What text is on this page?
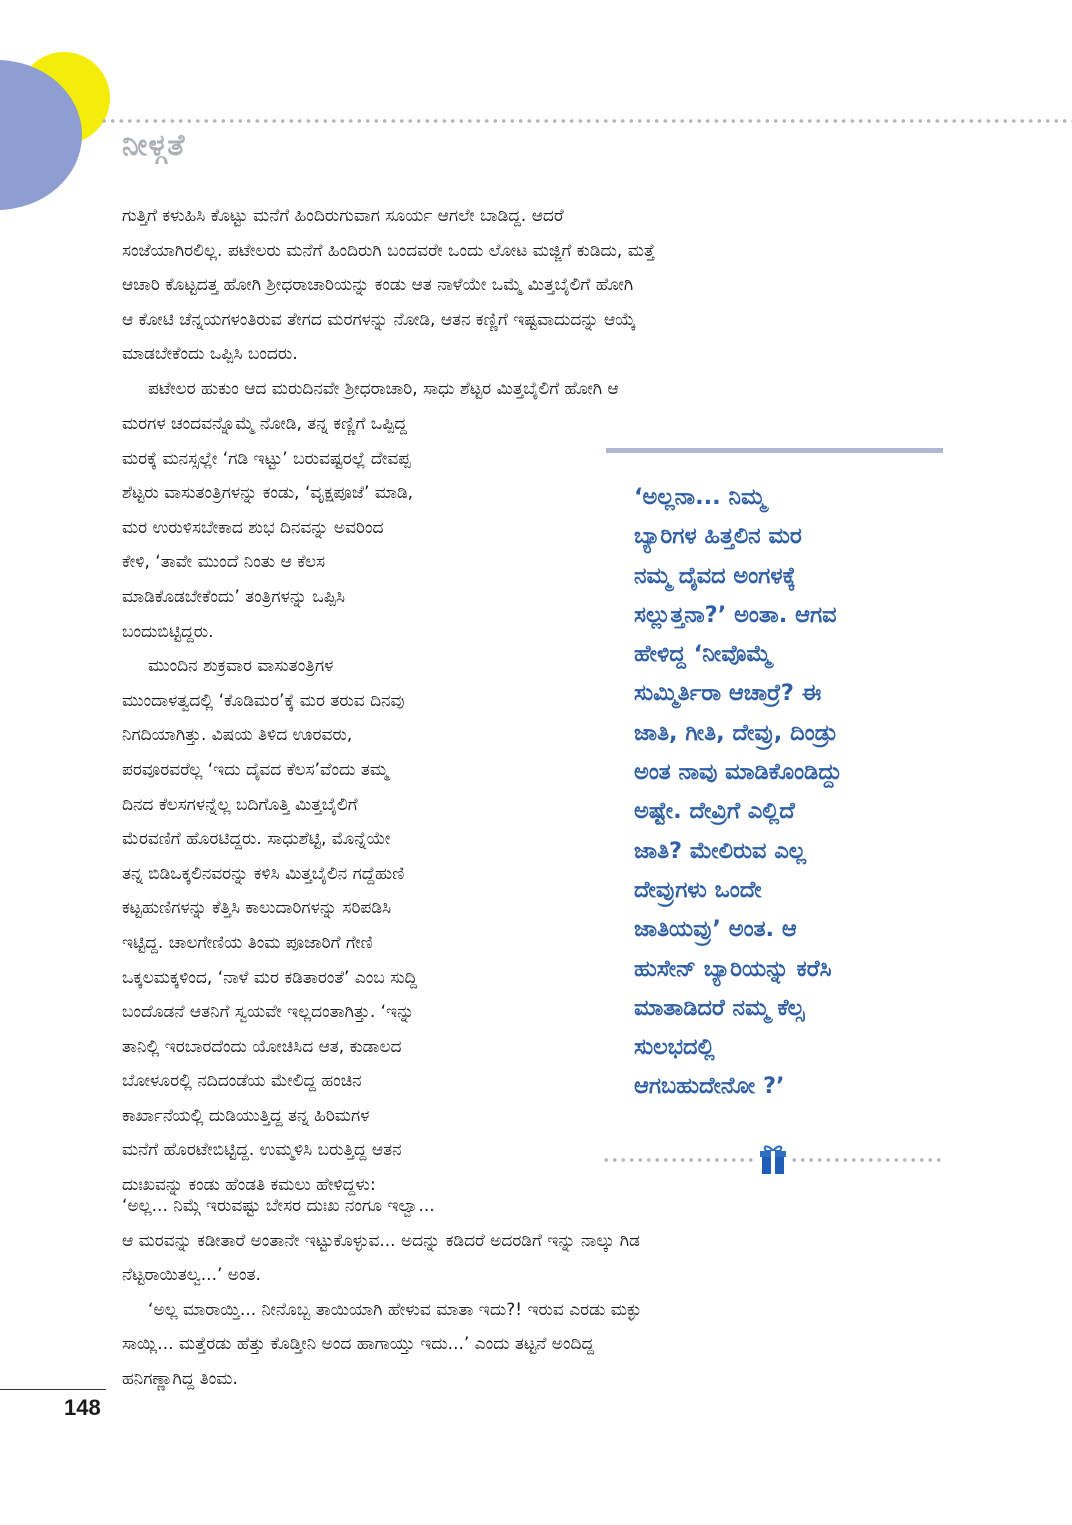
ನೀಳ್ಗತೆ
ಗುತ್ತಿಗೆ ಕಳುಹಿಸಿ ಕೊಟ್ಟು ಮನೆಗೆ ಹಿಂದಿರುಗುವಾಗ ಸೂರ್ಯ ಆಗಲೇ ಬಾಡಿದ್ದ. ಆದರೆ
ಸಂಜೆಯಾಗಿರಲಿಲ್ಲ. ಪಟೇಲರು ಮನೆಗೆ ಹಿಂದಿರುಗಿ ಬಂದವರೇ ಒಂದು ಲೋಟ ಮಜ್ಜಿಗೆ ಕುಡಿದು, ಮತ್ತೆ
ಆಚಾರಿ ಕೊಟ್ಟದತ್ತ ಹೋಗಿ ಶ್ರೀಧರಾಚಾರಿಯನ್ನು ಕಂಡು ಆತ ನಾಳೆಯೇ ಒಮ್ಮೆ ಮಿತ್ತಬೈಲಿಗೆ ಹೋಗಿ
ಆ ಕೋಟಿ ಚೆನ್ನಯಗಳಂತಿರುವ ತೇಗದ ಮರಗಳನ್ನು ನೋಡಿ, ಆತನ ಕಣ್ಣಿಗೆ ಇಷ್ಟವಾದುದನ್ನು ಆಯ್ಕೆ
ಮಾಡಬೇಕೆಂದು ಒಪ್ಪಿಸಿ ಬಂದರು.
ಪಟೇಲರ ಹುಕುಂ ಆದ ಮರುದಿನವೇ ಶ್ರೀಧರಾಚಾರಿ, ಸಾಧು ಶೆಟ್ಟರ ಮಿತ್ತಬೈಲಿಗೆ ಹೋಗಿ ಆ
ಮರಗಳ ಚಂದವನ್ನೊಮ್ಮೆ ನೋಡಿ, ತನ್ನ ಕಣ್ಣಿಗೆ ಒಪ್ಪಿದ್ದ
ಮರಕ್ಕೆ ಮನಸ್ಸಲ್ಲೇ ‘ಗಡಿ ಇಟ್ಟು’ ಬರುವಷ್ಟರಲ್ಲೆ ದೇವಪ್ಪ
ಶೆಟ್ಟರು ವಾಸುತಂತ್ರಿಗಳನ್ನು ಕಂಡು, ‘ವೃಕ್ಷಪೂಜೆ’ ಮಾಡಿ,
ಮರ ಉರುಳಿಸಬೇಕಾದ ಶುಭ ದಿನವನ್ನು ಅವರಿಂದ
ಕೇಳಿ, ‘ತಾವೇ ಮುಂದೆ ನಿಂತು ಆ ಕೆಲಸ
ಮಾಡಿಕೊಡಬೇಕೆಂದು’ ತಂತ್ರಿಗಳನ್ನು ಒಪ್ಪಿಸಿ
ಬಂದುಬಿಟ್ಟಿದ್ದರು.
ಮುಂದಿನ ಶುಕ್ರವಾರ ವಾಸುತಂತ್ರಿಗಳ
ಮುಂದಾಳತ್ವದಲ್ಲಿ ‘ಕೊಡಿಮರ’ಕ್ಕೆ ಮರ ತರುವ ದಿನವು
ನಿಗದಿಯಾಗಿತ್ತು. ವಿಷಯ ತಿಳಿದ ಊರವರು,
ಪರವೂರವರೆಲ್ಲ ‘ಇದು ದೈವದ ಕೆಲಸ’ವೆಂದು ತಮ್ಮ
ದಿನದ ಕೆಲಸಗಳನ್ನೆಲ್ಲ ಬದಿಗೊತ್ತಿ ಮಿತ್ತಬೈಲಿಗೆ
ಮೆರವಣಿಗೆ ಹೊರಟಿದ್ದರು. ಸಾಧುಶೆಟ್ಟಿ, ಮೊನ್ನೆಯೇ
ತನ್ನ ಬಿಡಿಒಕ್ಕಲಿನವರನ್ನು ಕಳಿಸಿ ಮಿತ್ತಬೈಲಿನ ಗದ್ದೆಹುಣಿ
ಕಟ್ಟಹುಣಿಗಳನ್ನು ಕೆತ್ತಿಸಿ ಕಾಲುದಾರಿಗಳನ್ನು ಸರಿಪಡಿಸಿ
ಇಟ್ಟಿದ್ದ. ಚಾಲಗೇಣಿಯ ತಿಂಮ ಪೂಜಾರಿಗೆ ಗೇಣಿ
ಒಕ್ಕಲಮಕ್ಕಳಿಂದ, ‘ನಾಳೆ ಮರ ಕಡಿತಾರಂತೆ’ ಎಂಬ ಸುದ್ದಿ
ಬಂದೊಡನೆ ಆತನಿಗೆ ಸ್ವಯವೇ ಇಲ್ಲದಂತಾಗಿತ್ತು. ‘ಇನ್ನು
ತಾನಿಲ್ಲಿ ಇರಬಾರದೆಂದು ಯೋಚಿಸಿದ ಆತ, ಕುಡಾಲದ
ಬೋಳೂರಲ್ಲಿ ನದಿದಂಡೆಯ ಮೇಲಿದ್ದ ಹಂಚಿನ
ಕಾರ್ಖಾನೆಯಲ್ಲಿ ದುಡಿಯುತ್ತಿದ್ದ ತನ್ನ ಹಿರಿಮಗಳ
ಮನೆಗೆ ಹೊರಟೇಬಿಟ್ಟಿದ್ದ. ಉಮ್ಮಳಿಸಿ ಬರುತ್ತಿದ್ದ ಆತನ
ದುಃಖವನ್ನು ಕಂಡು ಹೆಂಡತಿ ಕಮಲು ಹೇಳಿದ್ದಳು:
‘ಅಲ್ಲನಾ... ನಿಮ್ಮ
ಬ್ಯಾರಿಗಳ ಹಿತ್ತಲಿನ ಮರ
ನಮ್ಮ ದೈವದ ಅಂಗಳಕ್ಕೆ
ಸಲ್ಲುತ್ತನಾ?’ ಅಂತಾ. ಆಗವ
ಹೇಳಿದ್ದ ‘ನೀವೊಮ್ಮೆ
ಸುಮ್ಮಿರ್ತಿರಾ ಆಚಾರ್ರೆ? ಈ
ಜಾತಿ, ಗೀತಿ, ದೇವ್ರು, ದಿಂಡ್ರು
ಅಂತ ನಾವು ಮಾಡಿಕೊಂಡಿದ್ದು
ಅಷ್ಟೇ. ದೇವ್ರಿಗೆ ಎಲ್ಲಿದೆ
ಜಾತಿ? ಮೇಲಿರುವ ಎಲ್ಲ
ದೇವ್ರುಗಳು ಒಂದೇ
ಜಾತಿಯವ್ರು’ ಅಂತ. ಆ
ಹುಸೇನ್ ಬ್ಯಾರಿಯನ್ನು ಕರೆಸಿ
ಮಾತಾಡಿದರೆ ನಮ್ಮ ಕೆಲ್ಸ
ಸುಲಭದಲ್ಲಿ
ಆಗಬಹುದೇನೋ ?’
‘ಅಲ್ಲ... ನಿಮ್ಗೆ ಇರುವಷ್ಟು ಬೇಸರ ದುಃಖ ನಂಗೂ ಇಲ್ವಾ...
ಆ ಮರವನ್ನು ಕಡೀತಾರೆ ಅಂತಾನೇ ಇಟ್ಟುಕೊಳ್ಳುವ... ಅದನ್ನು ಕಡಿದರೆ ಅದರಡಿಗೆ ಇನ್ನು ನಾಲ್ಕು ಗಿಡ
ನೆಟ್ಟರಾಯಿತಲ್ವ...’ ಅಂತ.
‘ಅಲ್ಲ ಮಾರಾಯ್ತಿ... ನೀನೊಬ್ಬ ತಾಯಿಯಾಗಿ ಹೇಳುವ ಮಾತಾ ಇದು?! ಇರುವ ಎರಡು ಮಕ್ಳು
ಸಾಯ್ಲಿ... ಮತ್ತೆರಡು ಹೆತ್ತು ಕೊಡ್ತೀನಿ ಅಂದ ಹಾಗಾಯ್ತು ಇದು...’ ಎಂದು ತಟ್ಟನೆ ಅಂದಿದ್ದ
ಹನಿಗಣ್ಣಾಗಿದ್ದ ತಿಂಮ.

148
